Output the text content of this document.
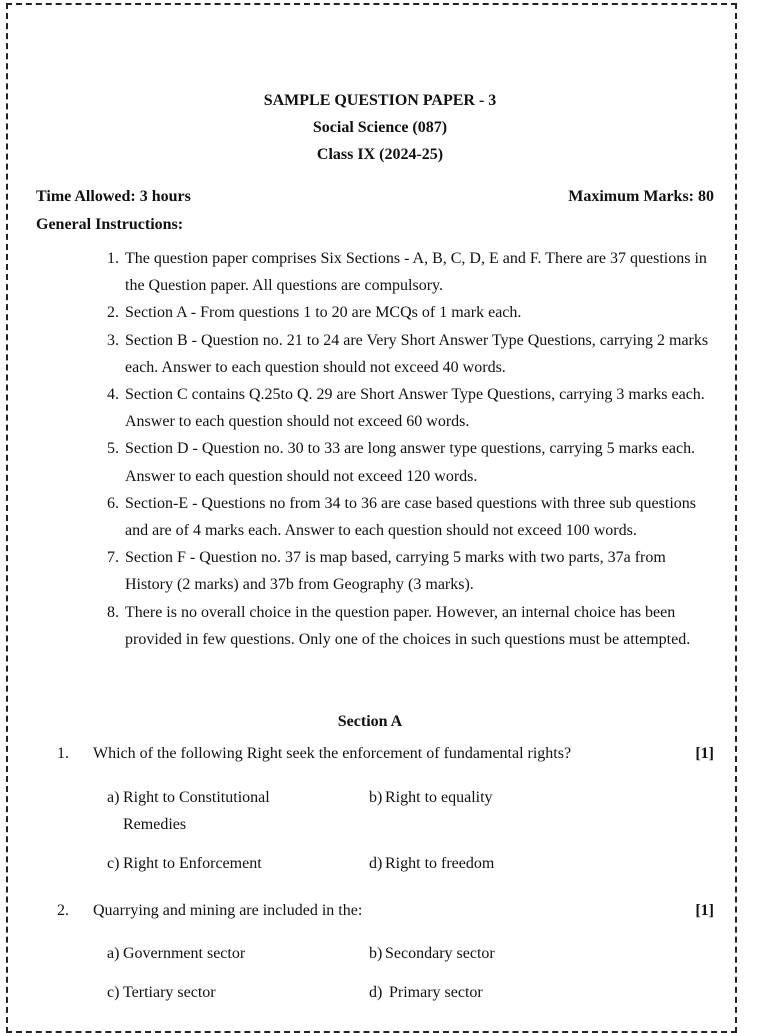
SAMPLE QUESTION PAPER - 3
Social Science (087)
Class IX (2024-25)
Time Allowed: 3 hours	Maximum Marks: 80
General Instructions:
1. The question paper comprises Six Sections - A, B, C, D, E and F. There are 37 questions in the Question paper. All questions are compulsory.
2. Section A - From questions 1 to 20 are MCQs of 1 mark each.
3. Section B - Question no. 21 to 24 are Very Short Answer Type Questions, carrying 2 marks each. Answer to each question should not exceed 40 words.
4. Section C contains Q.25to Q. 29 are Short Answer Type Questions, carrying 3 marks each. Answer to each question should not exceed 60 words.
5. Section D - Question no. 30 to 33 are long answer type questions, carrying 5 marks each. Answer to each question should not exceed 120 words.
6. Section-E - Questions no from 34 to 36 are case based questions with three sub questions and are of 4 marks each. Answer to each question should not exceed 100 words.
7. Section F - Question no. 37 is map based, carrying 5 marks with two parts, 37a from History (2 marks) and 37b from Geography (3 marks).
8. There is no overall choice in the question paper. However, an internal choice has been provided in few questions. Only one of the choices in such questions must be attempted.
Section A
1. Which of the following Right seek the enforcement of fundamental rights?	[1]
a) Right to Constitutional Remedies
b) Right to equality
c) Right to Enforcement	d) Right to freedom
2. Quarrying and mining are included in the:	[1]
a) Government sector	b) Secondary sector
c) Tertiary sector	d) Primary sector
